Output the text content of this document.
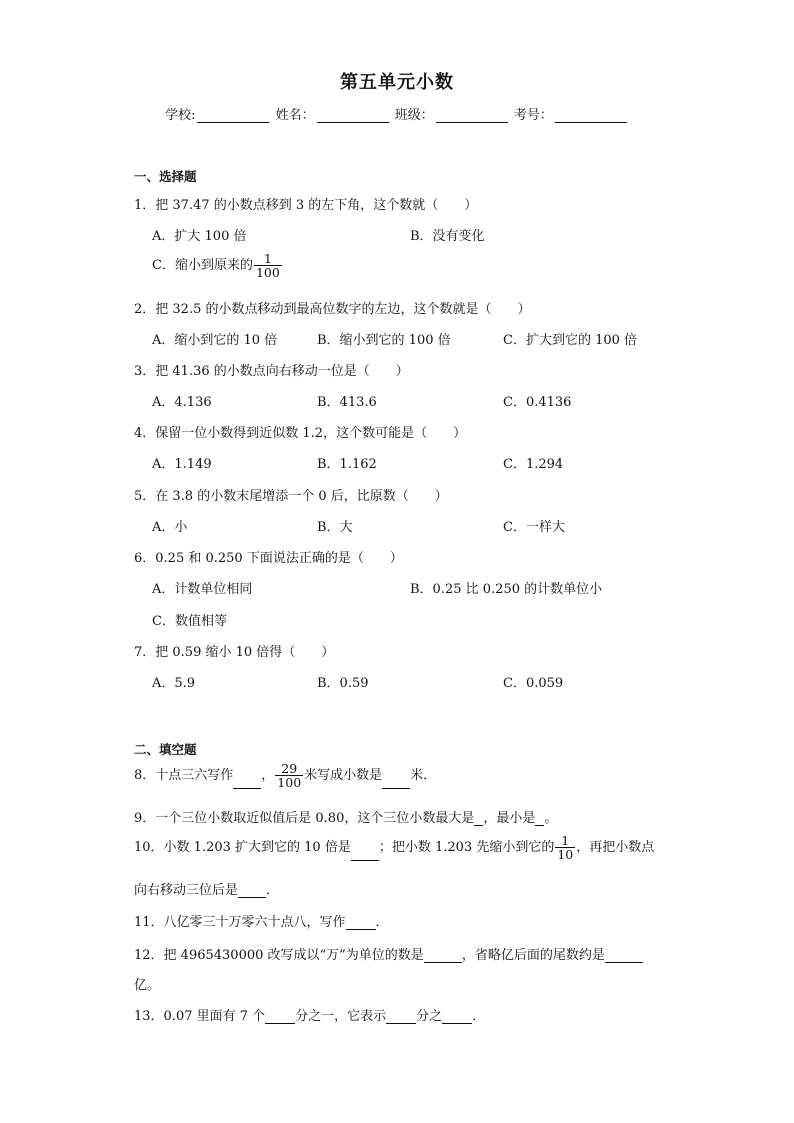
第五单元小数
学校:	姓名：	班级：	考号：
一、选择题
1．把 37.47 的小数点移到 3 的左下角，这个数就（　　）
A．扩大 100 倍	B．没有变化
C．缩小到原来的 $\frac{1}{100}$
2．把 32.5 的小数点移动到最高位数字的左边，这个数就是（　　）
A．缩小到它的 10 倍	B．缩小到它的 100 倍	C．扩大到它的 100 倍
3．把 41.36 的小数点向右移动一位是（　　）
A．4.136	B．413.6	C．0.4136
4．保留一位小数得到近似数 1.2，这个数可能是（　　）
A．1.149	B．1.162	C．1.294
5．在 3.8 的小数末尾增添一个 0 后，比原数（　　）
A．小	B．大	C．一样大
6．0.25 和 0.250 下面说法正确的是（　　）
A．计数单位相同	B．0.25 比 0.250 的计数单位小
C．数值相等
7．把 0.59 缩小 10 倍得（　　）
A．5.9	B．0.59	C．0.059
二、填空题
8．十点三六写作 ， $\frac{29}{100}$ 米写成小数是 米．
9．一个三位小数取近似值后是 0.80，这个三位小数最大是 ，最小是 。
10．小数 1.203 扩大到它的 10 倍是 ；把小数 1.203 先缩小到它的 $\frac{1}{10}$ ，再把小数点
向右移动三位后是 ．
11．八亿零三十万零六十点八，写作 ．
12．把 4965430000 改写成以“万”为单位的数是	，省略亿后面的尾数约是
亿。
13．0.07 里面有 7 个 分之一，它表示 分之 ．
